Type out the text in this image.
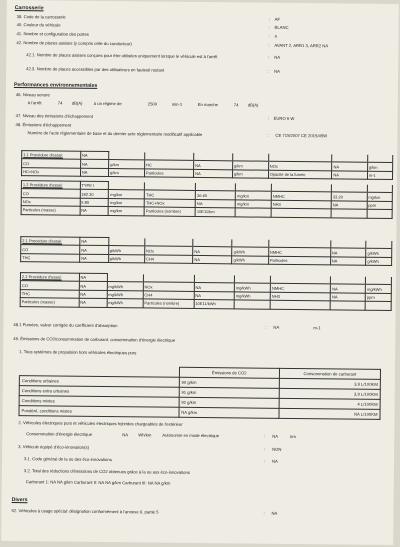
Carrosserie
38. Code de la carrosserie	: AF
40. Couleur du véhicule	: BLANC
41. Nombre et configuration des portes	: 4
42. Nombre de places assises (y compris celle du conducteur)	: AVANT 2, ARR1 3, ARR2 NA
42.1. Nombre de places assises conçues pour être utilisées uniquement lorsque le véhicule est à l'arrêt	: NA
42.3. Nombre de places accessibles par des utilisateurs en fauteuil roulant	: NA
Performances environnementales
46. Niveau sonore
à l'arrêt	74 dB(A)	à un régime de	2500	min-1	En marche	74 dB(A)
47. Niveau des émissions d'échappement	: EURO 6 W
48. Émissions d'échappement
Numéro de l'acte réglementaire de base et du dernier acte réglementaire modificatif applicable	: CE 715/2007 CE 2015/45W
1.1 Procédure d'essai:	NA							
CO	NA	g/km	HC	NA	g/km	NOx	NA	g/km
HC+NOx	NA	g/km	Particules	NA	g/km	Opacité de la fumée	NA	m-1
1.2 Procédure d'essai:	TYPE I							
CO	182.30	mg/km	THC	36.60	mg/km	NMHC	33.20	mg/km
NOx	5.80	mg/km	THC+NOx	NA	mg/km	NH3	NA	ppm
Particules (masse)	NA	mg/km	Particules (nombre)	10E11/km				
2.1 Procédure d'essai:	NA							
CO	NA	g/kWh	NOx	NA	g/kWh	NMHC	NA	g/kWh
THC	NA	g/kWh	CH4	NA	g/kWh	Particules	NA	g/kWh
2.2 Procédure d'essai:	NA							
CO	NA	mg/kWh	NOx	NA	mg/kWh	NMHC	NA	mg/kWh
THC	NA	mg/kWh	CH4	NA	mg/kWh	NH3	NA	ppm
Particules (masse)	NA	mg/kWh	Particules (nombre)	10E11/kWh				
48.1 Fumées, valeur corrigée du coefficient d'absorption	: NA	m-1
49. Émissions de CO2/consommation de carburant, consommation d'énergie électrique
1. Tous systèmes de propulsion hors véhicules électriques purs
	Émissions de CO2	Consommation de carburant
Conditions urbaines	90 g/km	3,9 L/100KM
Conditions extra urbaines	91 g/km	3,9 L/100KM
Conditions mixtes	92 g/km	4 L/100KM
Pondéré, conditions mixtes	NA g/km	NA L/100KM
2. Véhicules électriques purs et véhicules électriques hybrides chargeables de l'extérieur
Consommation d'énergie électrique	NA Wh/km	Autonomie en mode électrique	: NA	km
3. Véhicule équipé d'éco-innovation(s)	: NON
3.1. Code général de la ou des éco-innovations	: NA
3.2. Total des réductions d'émissions de CO2 obtenues grâce à la ou aux éco-innovations
Carburant 1: NA NA g/km Carburant II: NA NA g/km Carburant III: NA NA g/km
Divers
52. Véhicules à usage spécial: désignation conformément à l'annexe II, partie 5	: NA
